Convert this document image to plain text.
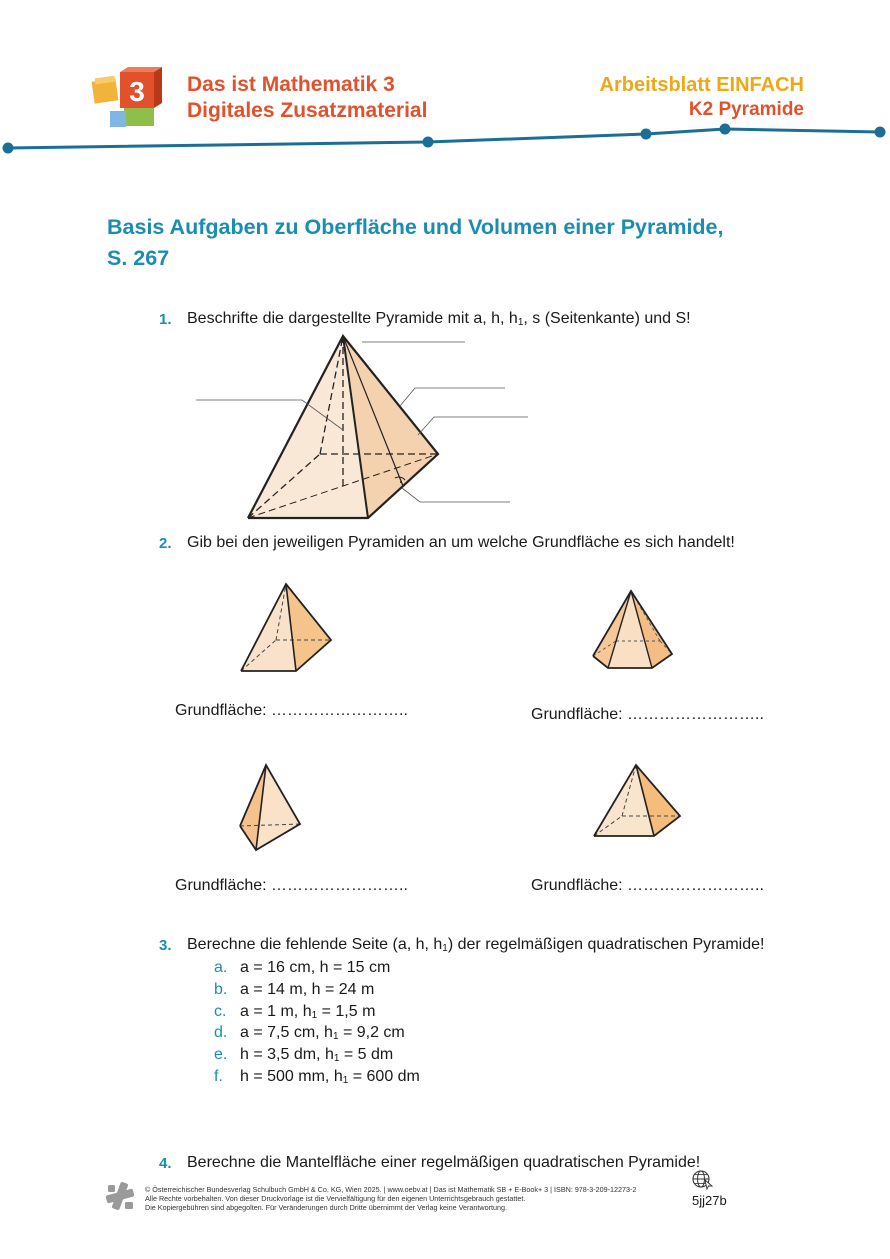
3 Das ist Mathematik 3
Digitales Zusatzmaterial
Arbeitsblatt EINFACH
K2 Pyramide
Basis Aufgaben zu Oberfläche und Volumen einer Pyramide,
S. 267
1. Beschrifte die dargestellte Pyramide mit a, h, $h_1$, s (Seitenkante) und S!
2. Gib bei den jeweiligen Pyramiden an um welche Grundfläche es sich handelt!
Grundfläche: ……………………..	Grundfläche: ……………………..
Grundfläche: ……………………..	Grundfläche: ……………………..
3. Berechne die fehlende Seite (a, h, $h_1$) der regelmäßigen quadratischen Pyramide!
a. a = 16 cm, h = 15 cm
b. a = 14 m, h = 24 m
c. a = 1 m, $h_1 = 1,5$ m
d. a = 7,5 cm, $h_1 = 9,2$ cm
e. h = 3,5 dm, $h_1 = 5$ dm
f. h = 500 mm, $h_1 = 600$ dm
4. Berechne die Mantelfläche einer regelmäßigen quadratischen Pyramide!
© Österreichischer Bundesverlag Schulbuch GmbH & Co. KG, Wien 2025. | www.oebv.at | Das ist Mathematik SB + E-Book+ 3 | ISBN: 978-3-209-12273-2
Alle Rechte vorbehalten. Von dieser Druckvorlage ist die Vervielfältigung für den eigenen Unterrichtsgebrauch gestattet.
Die Kopiergebühren sind abgegolten. Für Veränderungen durch Dritte übernimmt der Verlag keine Verantwortung.	5jj27b
